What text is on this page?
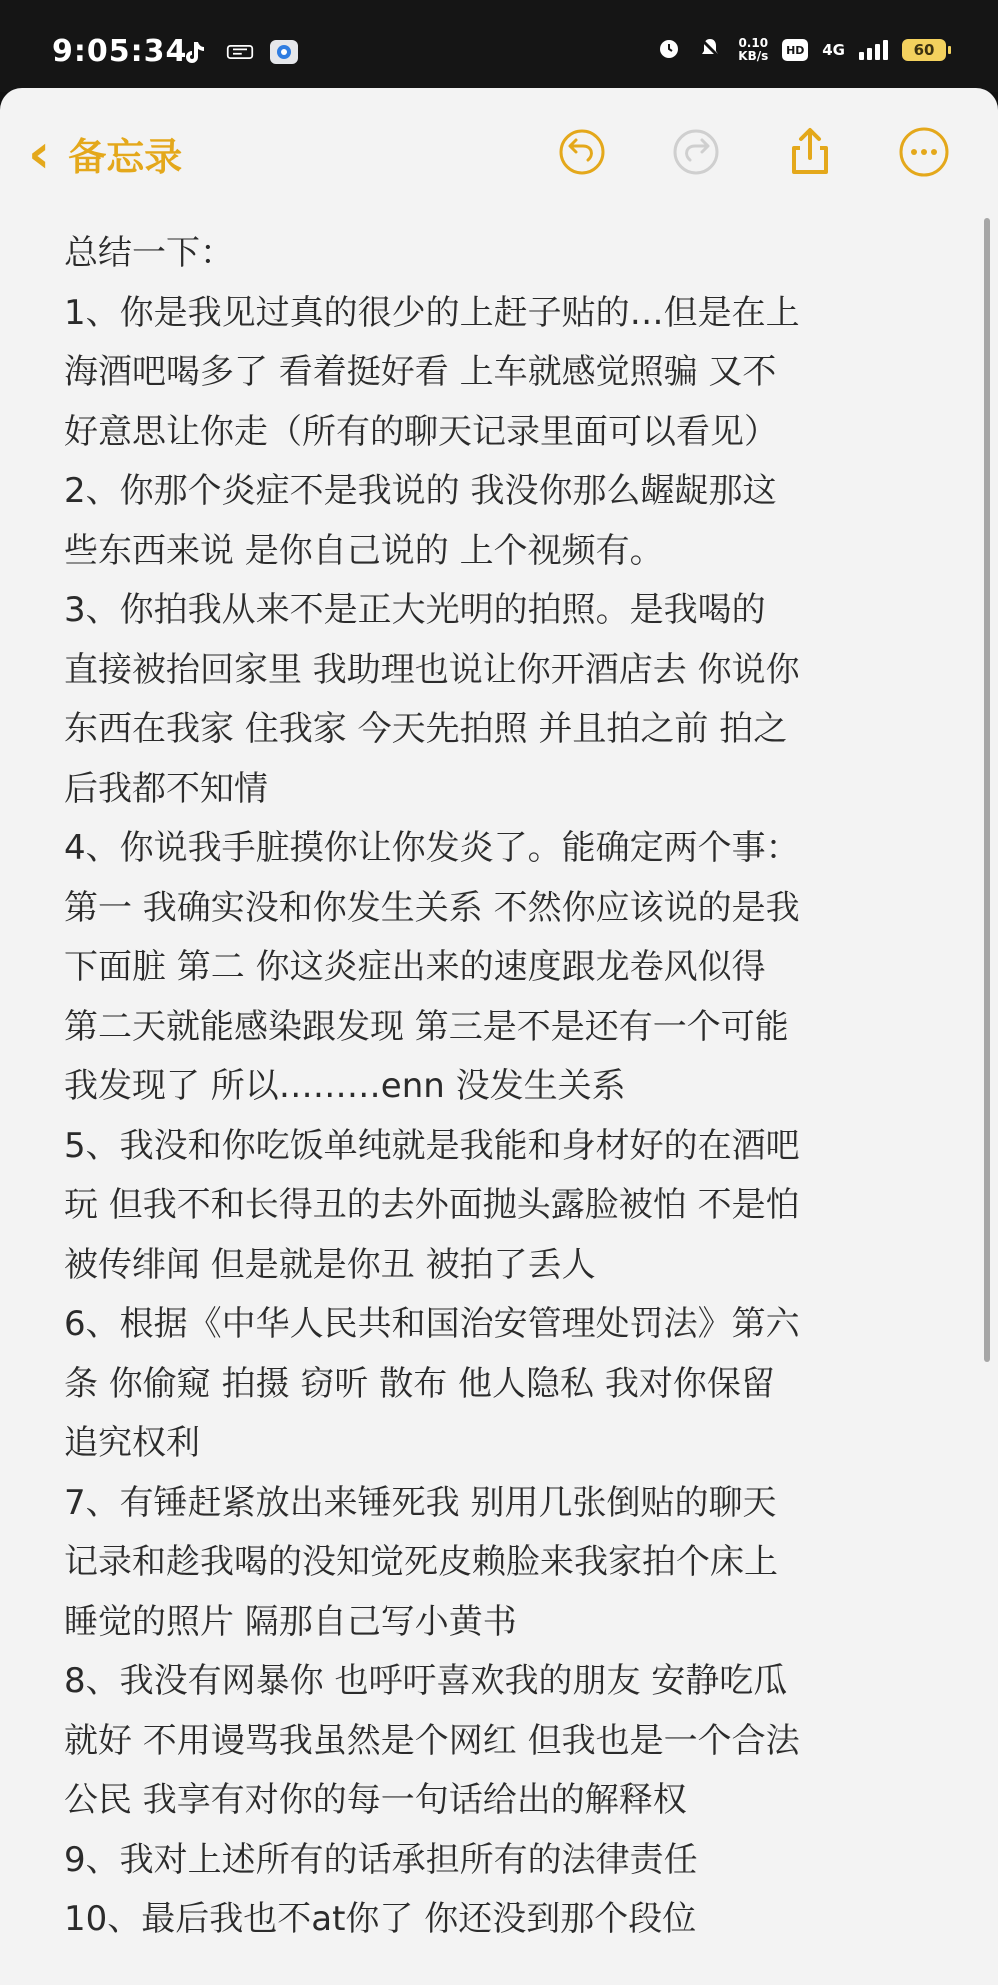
9:05:34	0.10
KB/s	HD 4G	60
‹ 备忘录

总结一下：

1、你是我见过真的很少的上赶子贴的…但是在上

海酒吧喝多了 看着挺好看 上车就感觉照骗 又不

好意思让你走（所有的聊天记录里面可以看见）

2、你那个炎症不是我说的 我没你那么龌龊那这

些东西来说 是你自己说的 上个视频有。

3、你拍我从来不是正大光明的拍照。是我喝的

直接被抬回家里 我助理也说让你开酒店去 你说你

东西在我家 住我家 今天先拍照 并且拍之前 拍之

后我都不知情

4、你说我手脏摸你让你发炎了。能确定两个事：

第一 我确实没和你发生关系 不然你应该说的是我

下面脏 第二 你这炎症出来的速度跟龙卷风似得

第二天就能感染跟发现 第三是不是还有一个可能

我发现了 所以………enn 没发生关系

5、我没和你吃饭单纯就是我能和身材好的在酒吧

玩 但我不和长得丑的去外面抛头露脸被怕 不是怕

被传绯闻 但是就是你丑 被拍了丢人

6、根据《中华人民共和国治安管理处罚法》第六

条 你偷窥 拍摄 窃听 散布 他人隐私 我对你保留

追究权利

7、有锤赶紧放出来锤死我 别用几张倒贴的聊天

记录和趁我喝的没知觉死皮赖脸来我家拍个床上

睡觉的照片 隔那自己写小黄书

8、我没有网暴你 也呼吁喜欢我的朋友 安静吃瓜

就好 不用谩骂我虽然是个网红 但我也是一个合法

公民 我享有对你的每一句话给出的解释权

9、我对上述所有的话承担所有的法律责任

10、最后我也不at你了 你还没到那个段位
